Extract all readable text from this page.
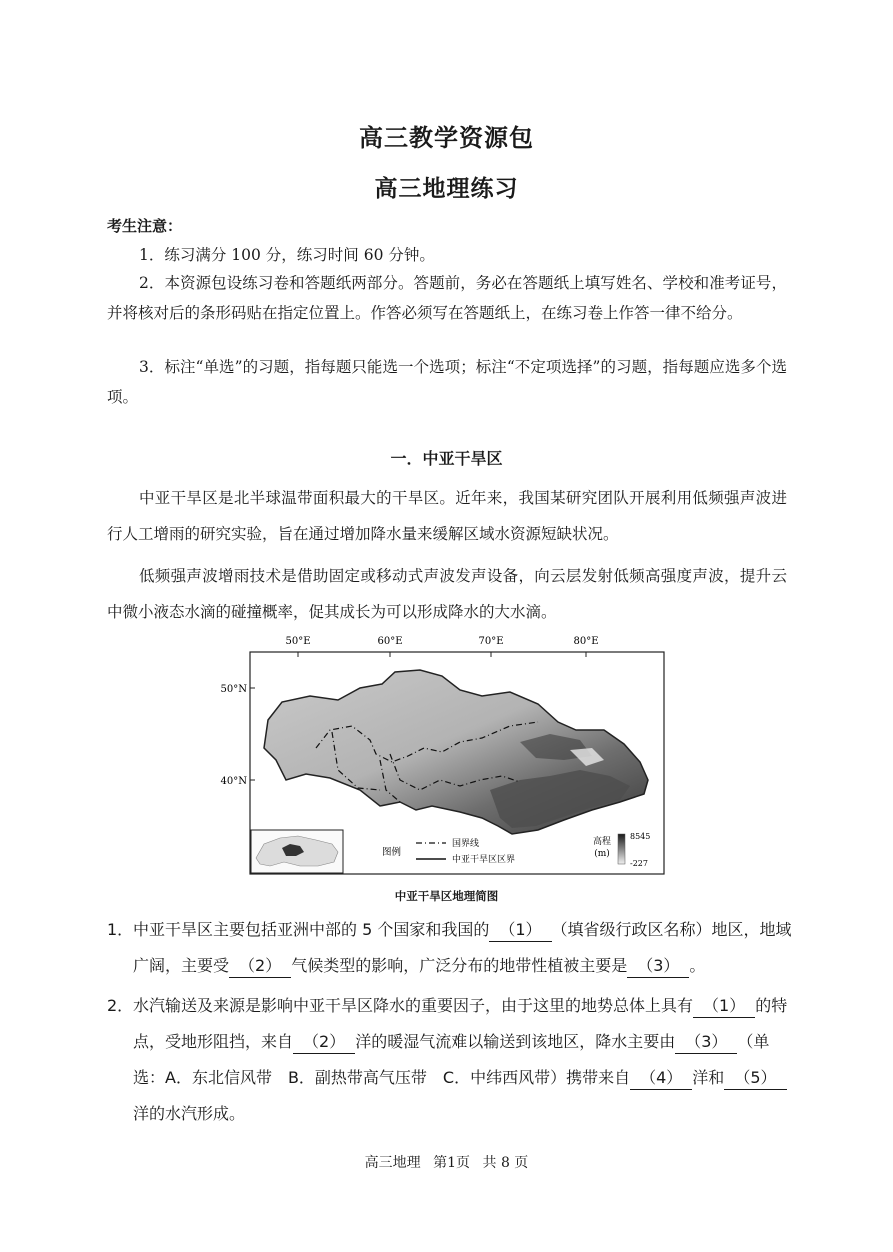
高三教学资源包
高三地理练习
考生注意：
1．练习满分 100 分，练习时间 60 分钟。
2．本资源包设练习卷和答题纸两部分。答题前，务必在答题纸上填写姓名、学校和准考证号，并将核对后的条形码贴在指定位置上。作答必须写在答题纸上，在练习卷上作答一律不给分。
3．标注“单选”的习题，指每题只能选一个选项；标注“不定项选择”的习题，指每题应选多个选项。
一．中亚干旱区
中亚干旱区是北半球温带面积最大的干旱区。近年来，我国某研究团队开展利用低频强声波进行人工增雨的研究实验，旨在通过增加降水量来缓解区域水资源短缺状况。
低频强声波增雨技术是借助固定或移动式声波发声设备，向云层发射低频高强度声波，提升云中微小液态水滴的碰撞概率，促其成长为可以形成降水的大水滴。
50°E	60°E	70°E	80°E
50°N
40°N
图例
国界线
中亚干旱区区界
高程
(m)
8545
-227
中亚干旱区地理简图
1． 中亚干旱区主要包括亚洲中部的 5 个国家和我国的 （1） （填省级行政区名称）地区，地域广阔，主要受 （2） 气候类型的影响，广泛分布的地带性植被主要是 （3） 。
2． 水汽输送及来源是影响中亚干旱区降水的重要因子，由于这里的地势总体上具有 （1） 的特点，受地形阻挡，来自 （2） 洋的暖湿气流难以输送到该地区，降水主要由 （3） （单选：A．东北信风带　B．副热带高气压带　C．中纬西风带）携带来自 （4） 洋和 （5）洋的水汽形成。
高三地理 第1页 共 8 页
